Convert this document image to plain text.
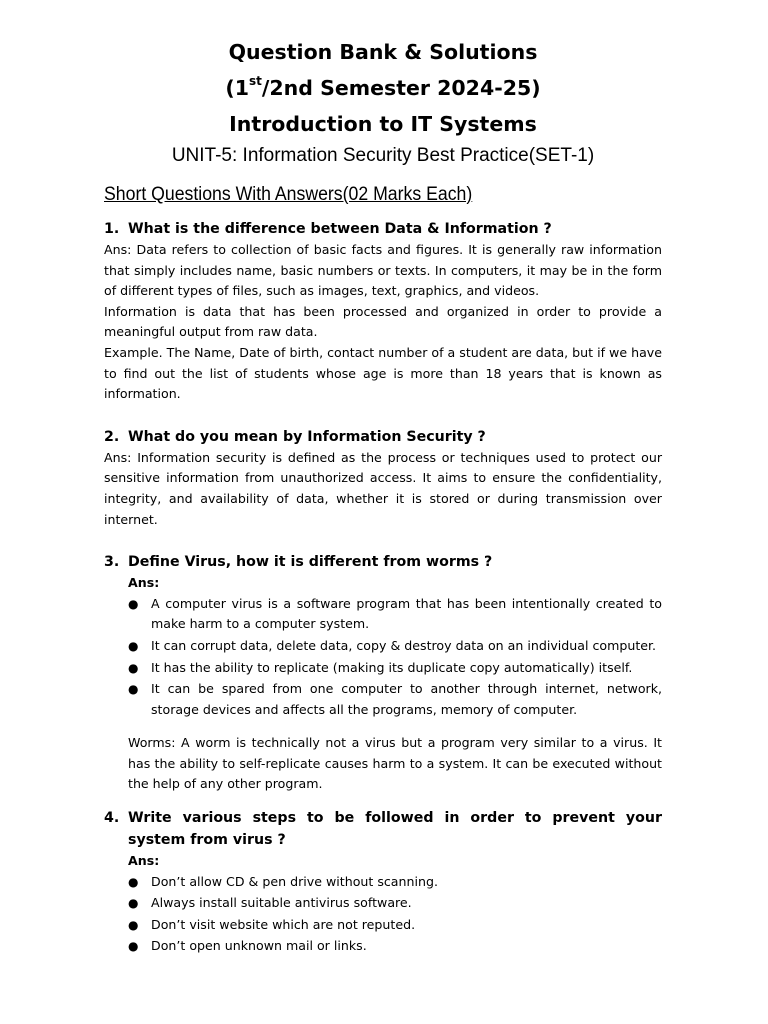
Question Bank & Solutions
(1st/2nd Semester 2024-25)
Introduction to IT Systems
UNIT-5: Information Security Best Practice(SET-1)
Short Questions With Answers(02 Marks Each)
1. What is the difference between Data & Information ?
Ans: Data refers to collection of basic facts and figures. It is generally raw information that simply includes name, basic numbers or texts. In computers, it may be in the form of different types of files, such as images, text, graphics, and videos.
Information is data that has been processed and organized in order to provide a meaningful output from raw data.
Example. The Name, Date of birth, contact number of a student are data, but if we have to find out the list of students whose age is more than 18 years that is known as information.
2. What do you mean by Information Security ?
Ans: Information security is defined as the process or techniques used to protect our sensitive information from unauthorized access. It aims to ensure the confidentiality, integrity, and availability of data, whether it is stored or during transmission over internet.
3. Define Virus, how it is different from worms ?
Ans:
● A computer virus is a software program that has been intentionally created to make harm to a computer system.
● It can corrupt data, delete data, copy & destroy data on an individual computer.
● It has the ability to replicate (making its duplicate copy automatically) itself.
● It can be spared from one computer to another through internet, network, storage devices and affects all the programs, memory of computer.
Worms: A worm is technically not a virus but a program very similar to a virus. It has the ability to self-replicate causes harm to a system. It can be executed without the help of any other program.
4. Write various steps to be followed in order to prevent your system from virus ?
Ans:
● Don’t allow CD & pen drive without scanning.
● Always install suitable antivirus software.
● Don’t visit website which are not reputed.
● Don’t open unknown mail or links.
